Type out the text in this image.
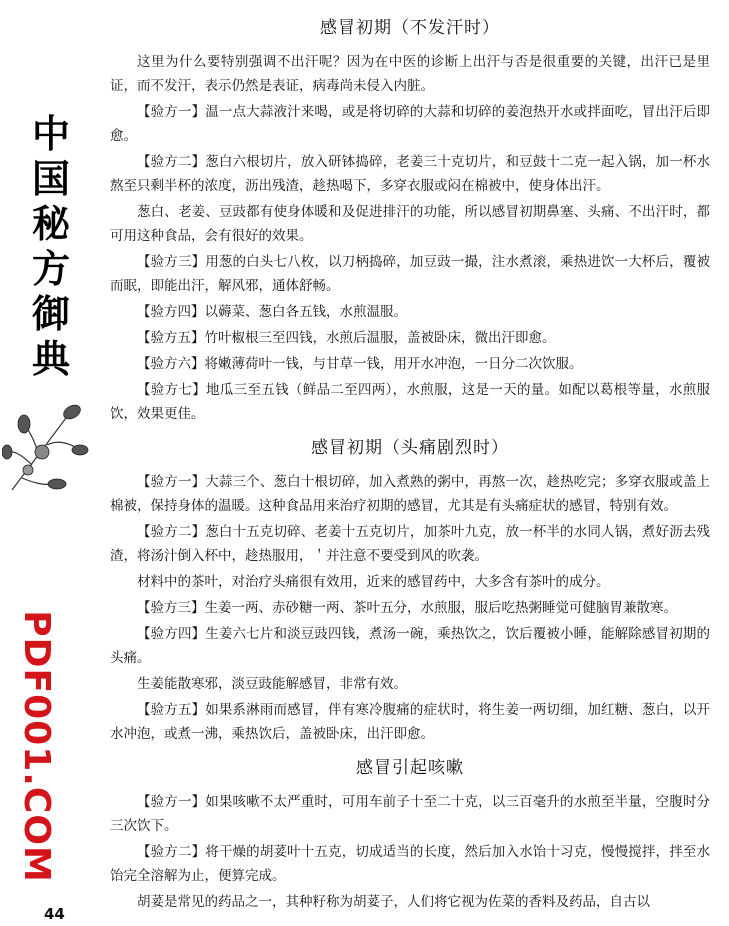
中
国
秘
方
御
典
PDF001.COM
44
感冒初期（不发汗时）

这里为什么要特别强调不出汗呢？因为在中医的诊断上出汗与否是很重要的关键，出汗已是里证，而不发汗，表示仍然是表证，病毒尚未侵入内脏。

【验方一】温一点大蒜液汁来喝，或是将切碎的大蒜和切碎的姜泡热开水或拌面吃，冒出汗后即愈。

【验方二】葱白六根切片，放入研钵捣碎，老姜三十克切片，和豆鼓十二克一起入锅，加一杯水熬至只剩半杯的浓度，沥出残渣，趁热喝下，多穿衣服或闷在棉被中，使身体出汗。

葱白、老姜、豆豉都有使身体暖和及促进排汗的功能，所以感冒初期鼻塞、头痛、不出汗时，都可用这种食品，会有很好的效果。

【验方三】用葱的白头七八枚，以刀柄捣碎，加豆豉一撮，注水煮滚，乘热进饮一大杯后，覆被而眠，即能出汗，解风邪，通体舒畅。

【验方四】以薅菜、葱白各五钱，水煎温服。

【验方五】竹叶椒根三至四钱，水煎后温服，盖被卧床，微出汗即愈。

【验方六】将嫩薄荷叶一钱，与甘草一钱，用开水冲泡，一日分二次饮服。

【验方七】地瓜三至五钱（鲜品二至四两），水煎服，这是一天的量。如配以葛根等量，水煎服饮，效果更佳。

感冒初期（头痛剧烈时）

【验方一】大蒜三个、葱白十根切碎，加入煮熟的粥中，再熬一次，趁热吃完；多穿衣服或盖上棉被，保持身体的温暖。这种食品用来治疗初期的感冒，尤其是有头痛症状的感冒，特别有效。

【验方二】葱白十五克切碎、老姜十五克切片，加茶叶九克，放一杯半的水同人锅，煮好沥去残渣，将汤汁倒入杯中，趁热服用，＇并注意不要受到风的吹袭。

材料中的茶叶，对治疗头痛很有效用，近来的感冒药中，大多含有茶叶的成分。

【验方三】生姜一两、赤砂糖一两、茶叶五分，水煎服，服后吃热粥睡觉可健脑胃兼散寒。

【验方四】生姜六七片和淡豆豉四钱，煮汤一碗，乘热饮之，饮后覆被小睡，能解除感冒初期的头痛。

生姜能散寒邪，淡豆豉能解感冒，非常有效。

【验方五】如果系淋雨而感冒，伴有寒冷腹痛的症状时，将生姜一两切细，加红糖、葱白，以开水冲泡，或煮一沸，乘热饮后，盖被卧床，出汗即愈。

感冒引起咳嗽

【验方一】如果咳嗽不太严重时，可用车前子十至二十克，以三百毫升的水煎至半量，空腹时分三次饮下。

【验方二】将干燥的胡荽叶十五克，切成适当的长度，然后加入水饴十习克，慢慢搅拌，拌至水饴完全溶解为止，便算完成。

胡荽是常见的药品之一，其种籽称为胡荽子，人们将它视为佐菜的香料及药品，自古以
